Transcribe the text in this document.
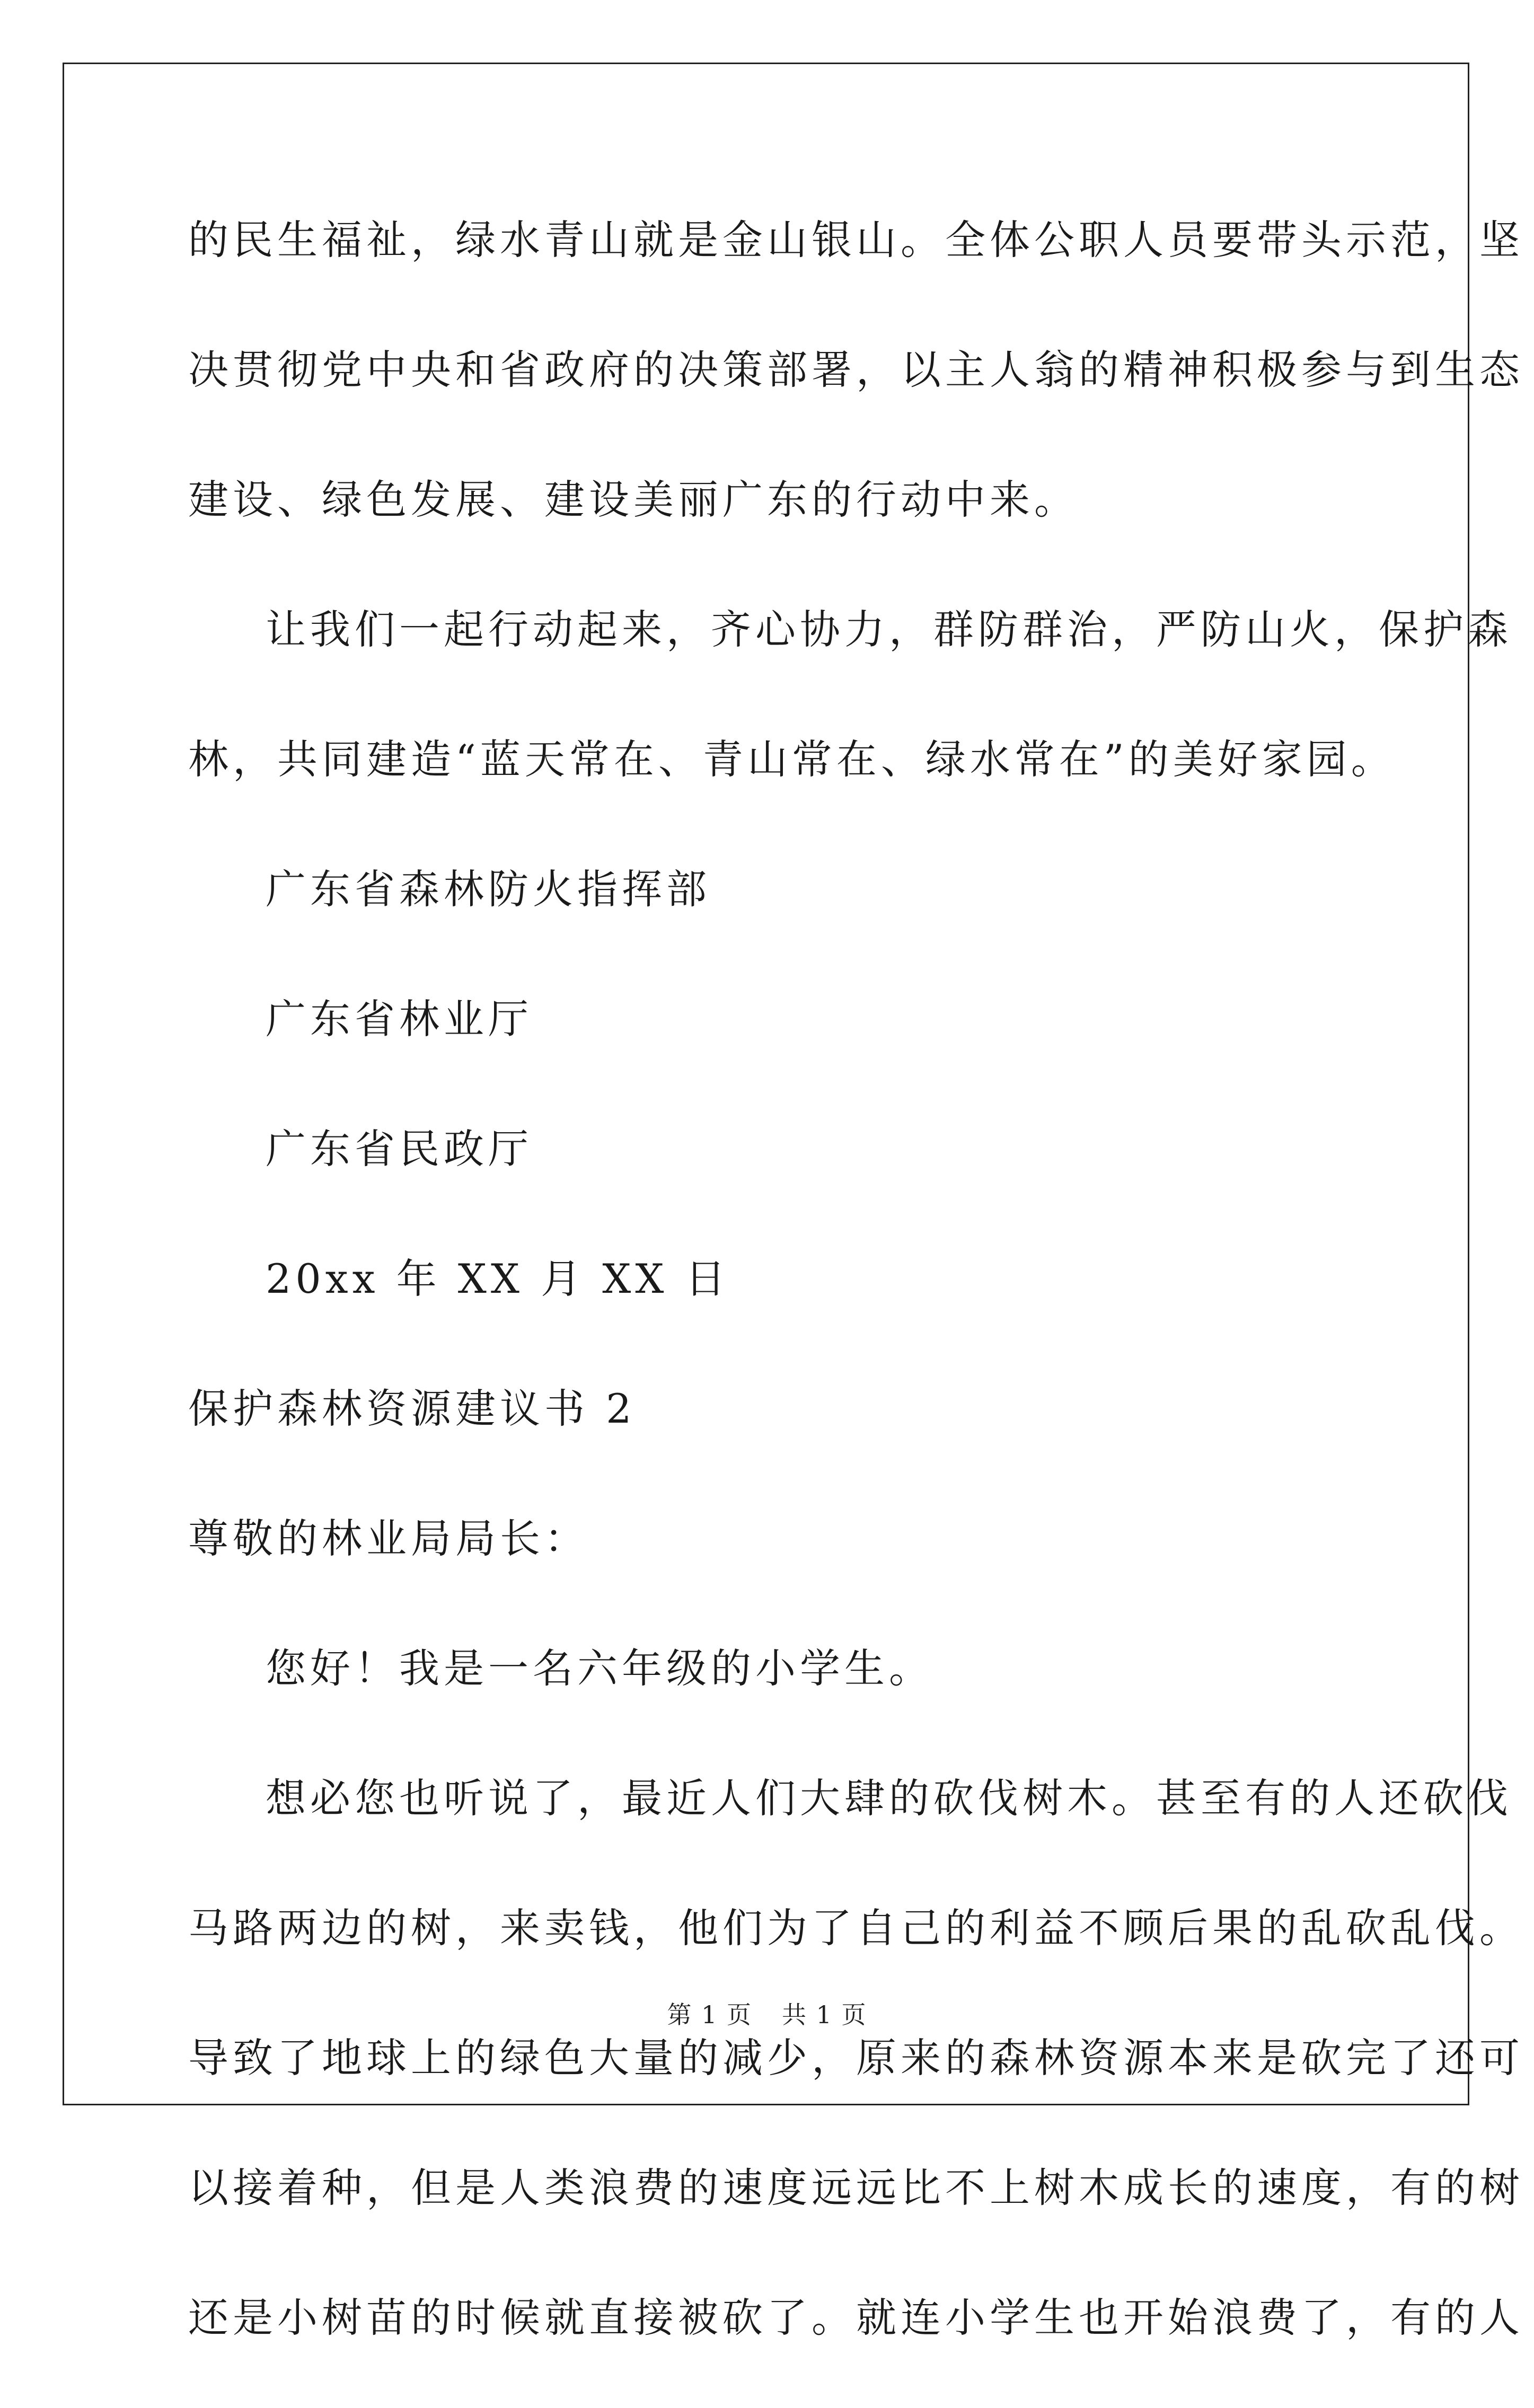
的民生福祉，绿水青山就是金山银山。全体公职人员要带头示范，坚
决贯彻党中央和省政府的决策部署，以主人翁的精神积极参与到生态
建设、绿色发展、建设美丽广东的行动中来。
让我们一起行动起来，齐心协力，群防群治，严防山火，保护森
林，共同建造“蓝天常在、青山常在、绿水常在”的美好家园。
广东省森林防火指挥部
广东省林业厅
广东省民政厅
20xx 年 XX 月 XX 日
保护森林资源建议书 2
尊敬的林业局局长：
您好！我是一名六年级的小学生。
想必您也听说了，最近人们大肆的砍伐树木。甚至有的人还砍伐
马路两边的树，来卖钱，他们为了自己的利益不顾后果的乱砍乱伐。
导致了地球上的绿色大量的减少，原来的森林资源本来是砍完了还可
以接着种，但是人类浪费的速度远远比不上树木成长的速度，有的树
还是小树苗的时候就直接被砍了。就连小学生也开始浪费了，有的人
第 1 页 共 1 页
